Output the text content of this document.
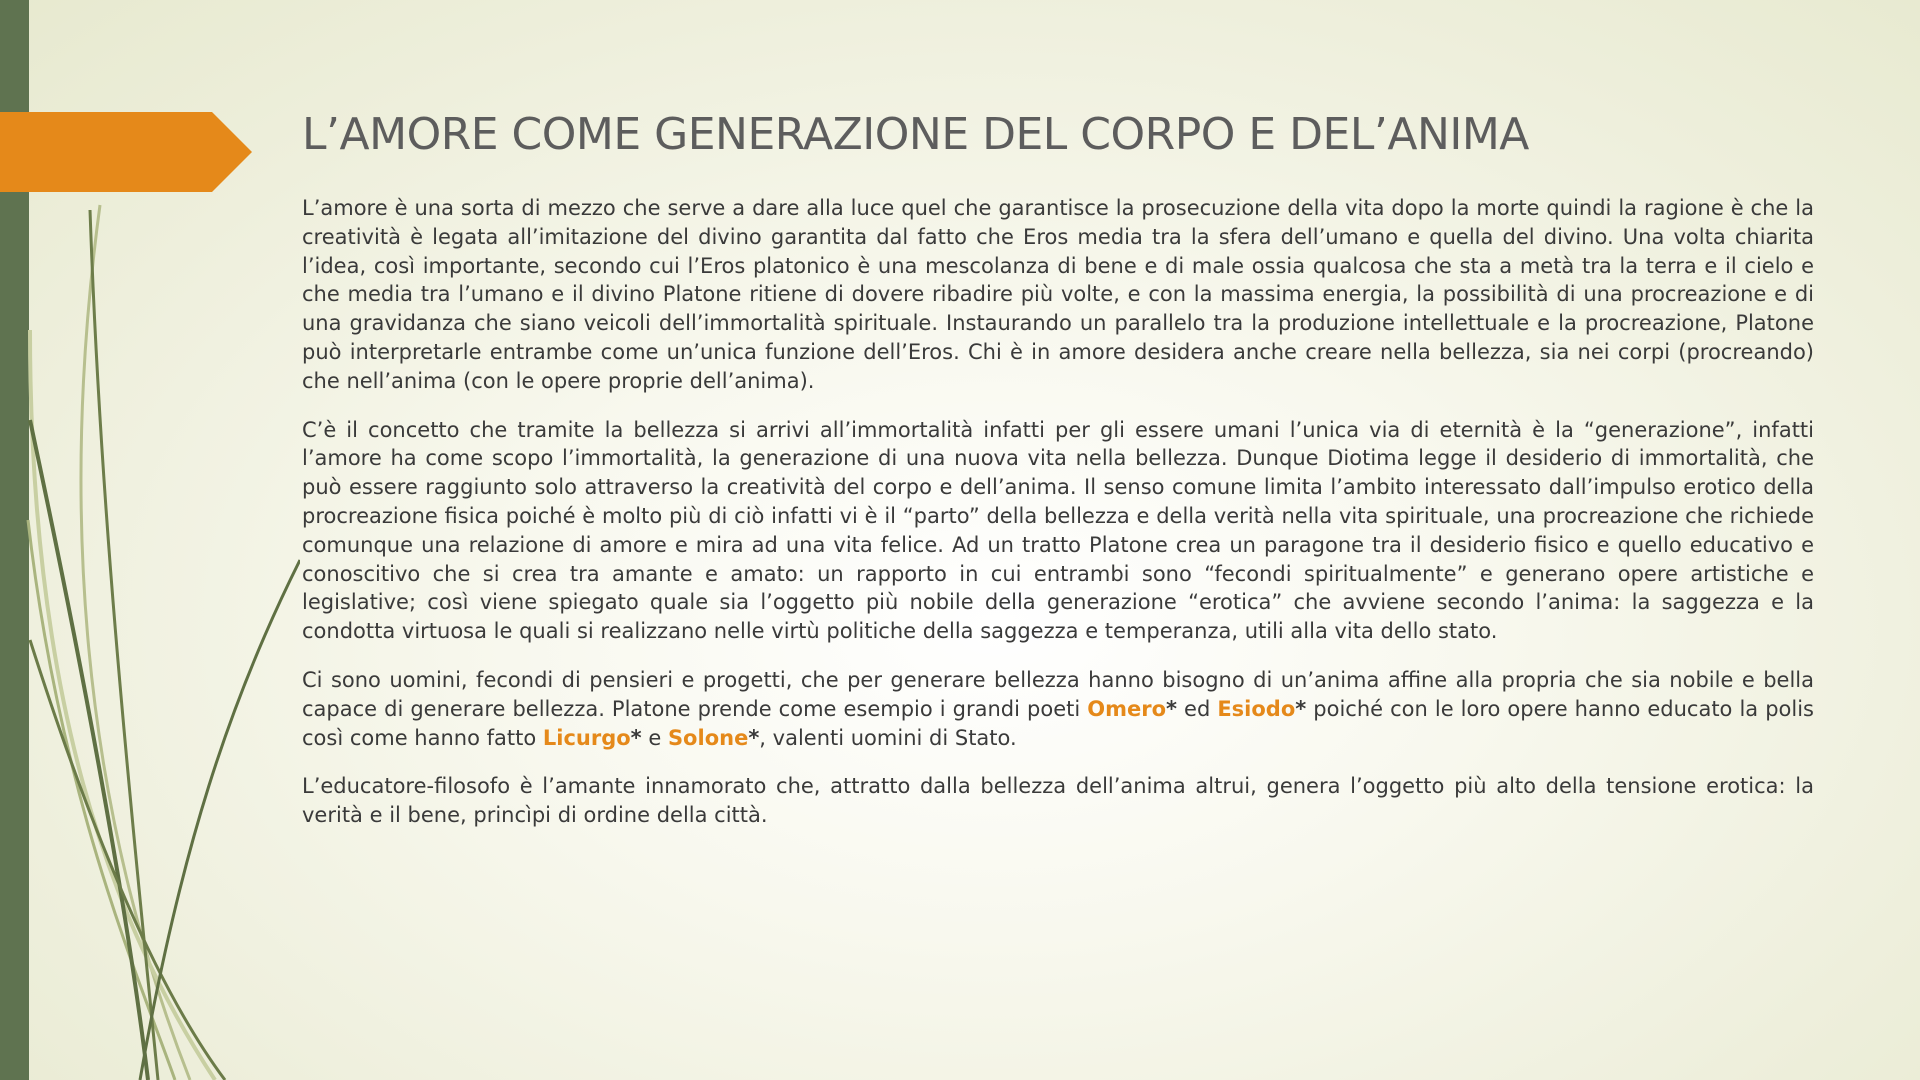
L’AMORE COME GENERAZIONE DEL CORPO E DEL’ANIMA

L’amore è una sorta di mezzo che serve a dare alla luce quel che garantisce la prosecuzione della vita dopo la morte quindi la ragione è che la creatività è legata all’imitazione del divino garantita dal fatto che Eros media tra la sfera dell’umano e quella del divino. Una volta chiarita l’idea, così importante, secondo cui l’Eros platonico è una mescolanza di bene e di male ossia qualcosa che sta a metà tra la terra e il cielo e che media tra l’umano e il divino Platone ritiene di dovere ribadire più volte, e con la massima energia, la possibilità di una procreazione e di una gravidanza che siano veicoli dell’immortalità spirituale. Instaurando un parallelo tra la produzione intellettuale e la procreazione, Platone può interpretarle entrambe come un’unica funzione dell’Eros. Chi è in amore desidera anche creare nella bellezza, sia nei corpi (procreando) che nell’anima (con le opere proprie dell’anima).

C’è il concetto che tramite la bellezza si arrivi all’immortalità infatti per gli essere umani l’unica via di eternità è la “generazione”, infatti l’amore ha come scopo l’immortalità, la generazione di una nuova vita nella bellezza. Dunque Diotima legge il desiderio di immortalità, che può essere raggiunto solo attraverso la creatività del corpo e dell’anima. Il senso comune limita l’ambito interessato dall’impulso erotico della procreazione fisica poiché è molto più di ciò infatti vi è il “parto” della bellezza e della verità nella vita spirituale, una procreazione che richiede comunque una relazione di amore e mira ad una vita felice. Ad un tratto Platone crea un paragone tra il desiderio fisico e quello educativo e conoscitivo che si crea tra amante e amato: un rapporto in cui entrambi sono “fecondi spiritualmente” e generano opere artistiche e legislative; così viene spiegato quale sia l’oggetto più nobile della generazione “erotica” che avviene secondo l’anima: la saggezza e la condotta virtuosa le quali si realizzano nelle virtù politiche della saggezza e temperanza, utili alla vita dello stato.

Ci sono uomini, fecondi di pensieri e progetti, che per generare bellezza hanno bisogno di un’anima affine alla propria che sia nobile e bella capace di generare bellezza. Platone prende come esempio i grandi poeti Omero* ed Esiodo* poiché con le loro opere hanno educato la polis così come hanno fatto Licurgo* e Solone*, valenti uomini di Stato.

L’educatore-filosofo è l’amante innamorato che, attratto dalla bellezza dell’anima altrui, genera l’oggetto più alto della tensione erotica: la verità e il bene, princìpi di ordine della città.
